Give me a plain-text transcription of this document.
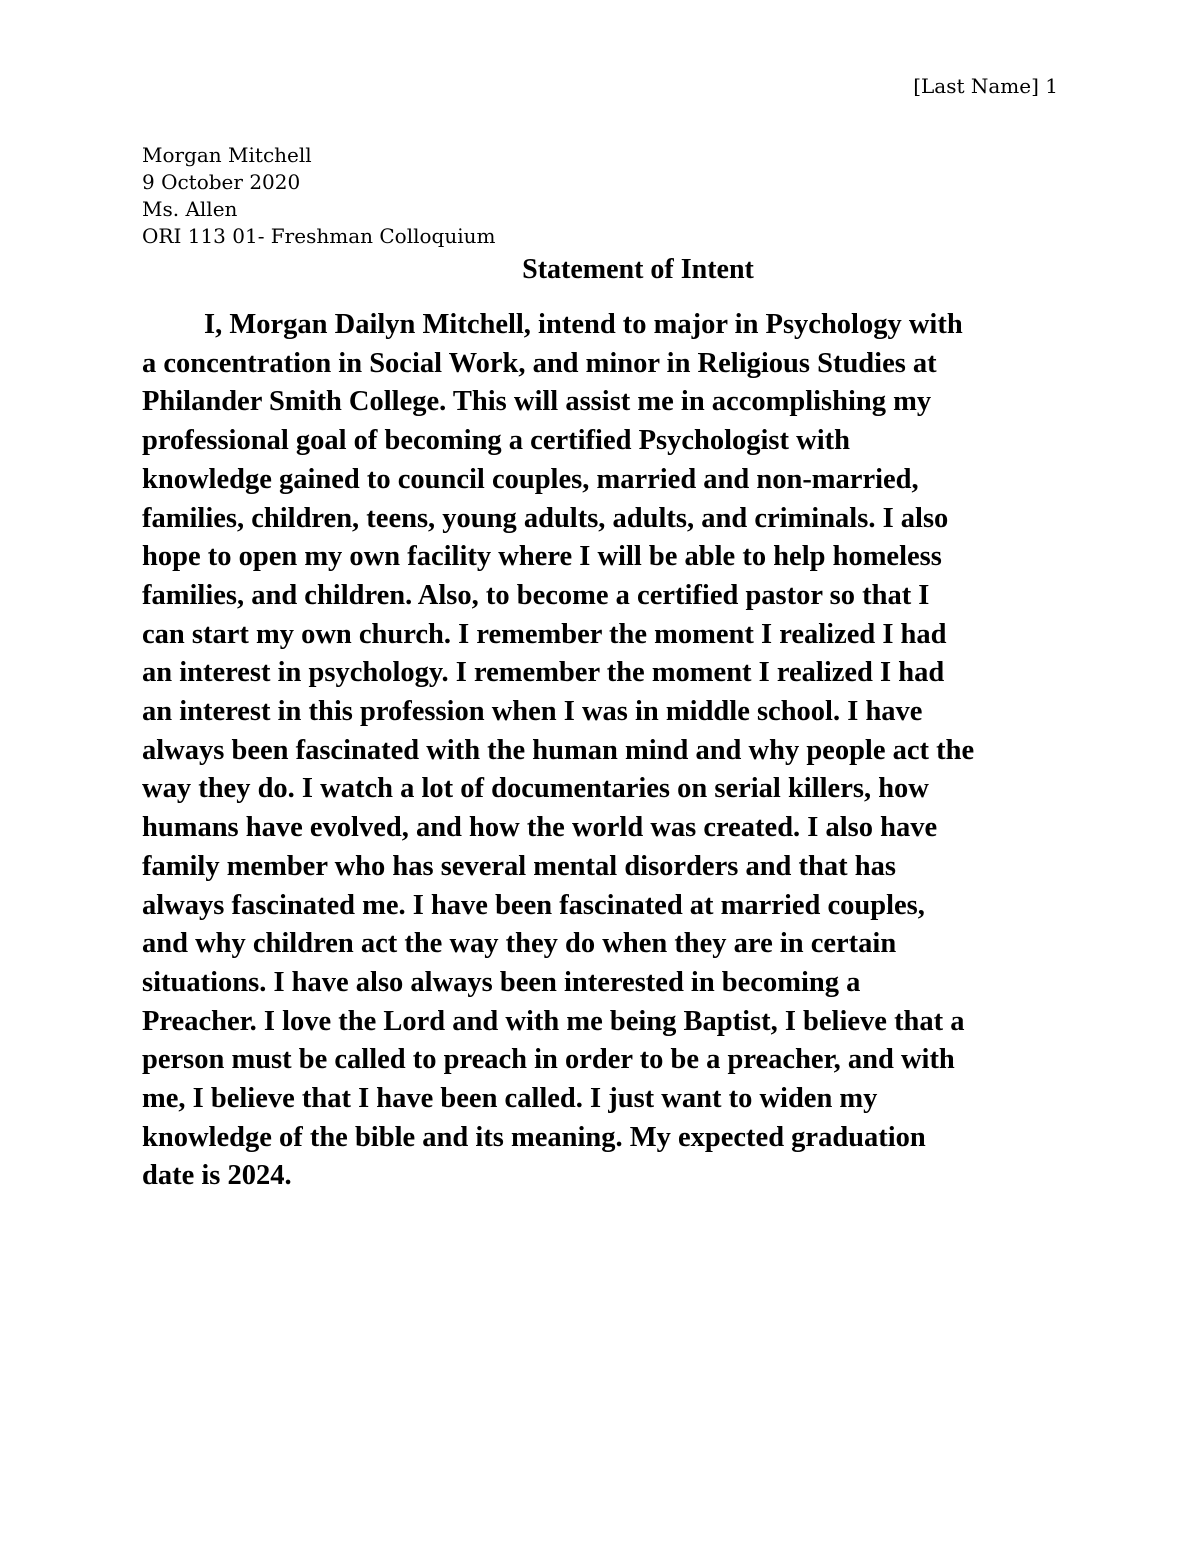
[Last Name] 1
Morgan Mitchell
9 October 2020
Ms. Allen
ORI 113 01- Freshman Colloquium
Statement of Intent

I, Morgan Dailyn Mitchell, intend to major in Psychology with
a concentration in Social Work, and minor in Religious Studies at
Philander Smith College. This will assist me in accomplishing my
professional goal of becoming a certified Psychologist with
knowledge gained to council couples, married and non-married,
families, children, teens, young adults, adults, and criminals. I also
hope to open my own facility where I will be able to help homeless
families, and children. Also, to become a certified pastor so that I
can start my own church. I remember the moment I realized I had
an interest in psychology. I remember the moment I realized I had
an interest in this profession when I was in middle school. I have
always been fascinated with the human mind and why people act the
way they do. I watch a lot of documentaries on serial killers, how
humans have evolved, and how the world was created. I also have
family member who has several mental disorders and that has
always fascinated me. I have been fascinated at married couples,
and why children act the way they do when they are in certain
situations. I have also always been interested in becoming a
Preacher. I love the Lord and with me being Baptist, I believe that a
person must be called to preach in order to be a preacher, and with
me, I believe that I have been called. I just want to widen my
knowledge of the bible and its meaning. My expected graduation
date is 2024.
